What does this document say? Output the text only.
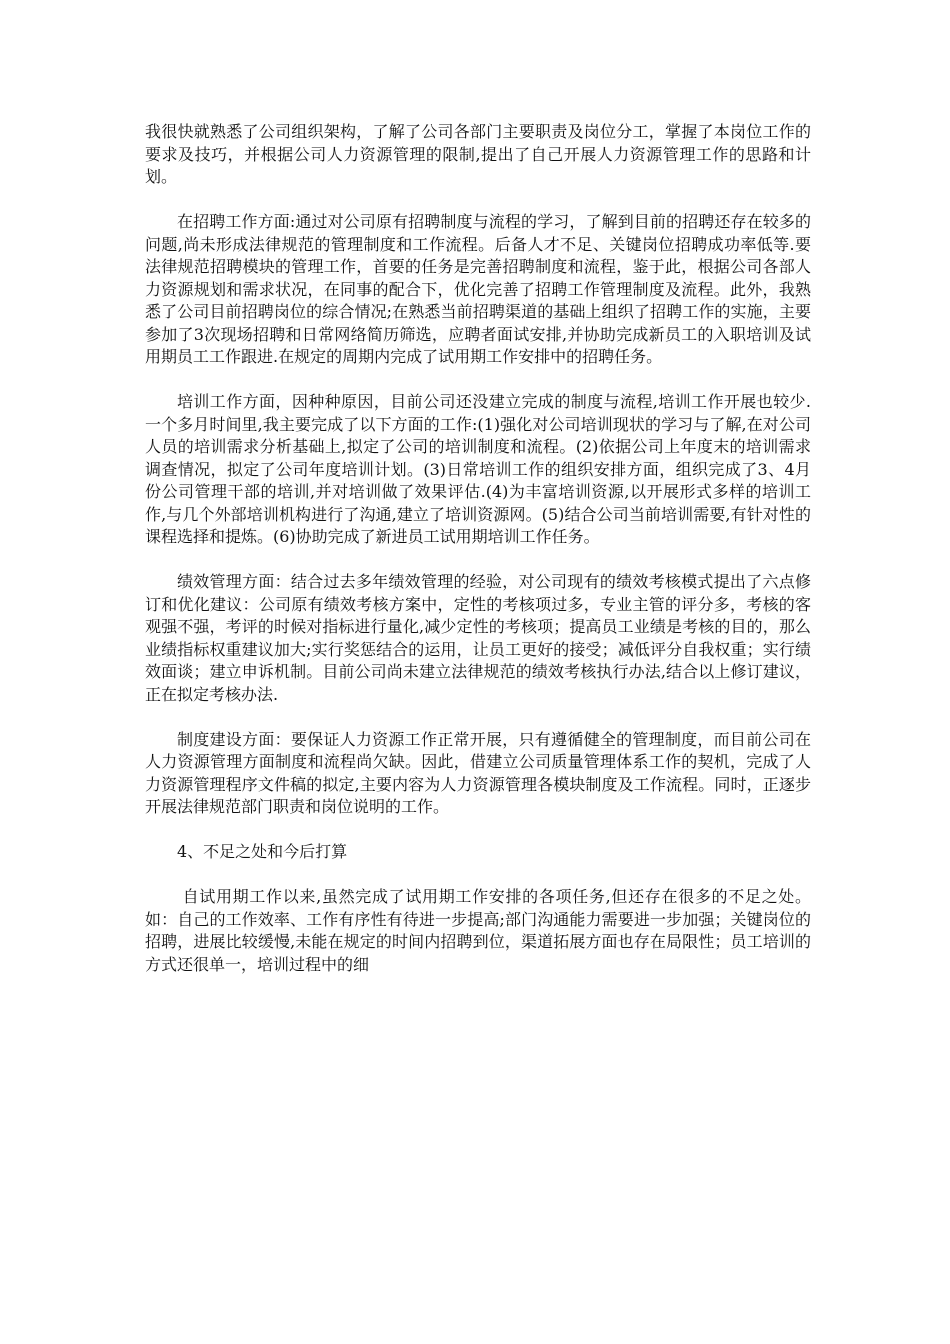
我很快就熟悉了公司组织架构，了解了公司各部门主要职责及岗位分工，掌握了本岗位工作的要求及技巧，并根据公司人力资源管理的限制,提出了自己开展人力资源管理工作的思路和计划。

在招聘工作方面:通过对公司原有招聘制度与流程的学习，了解到目前的招聘还存在较多的问题,尚未形成法律规范的管理制度和工作流程。后备人才不足、关键岗位招聘成功率低等.要法律规范招聘模块的管理工作，首要的任务是完善招聘制度和流程，鉴于此，根据公司各部人力资源规划和需求状况，在同事的配合下，优化完善了招聘工作管理制度及流程。此外，我熟悉了公司目前招聘岗位的综合情况;在熟悉当前招聘渠道的基础上组织了招聘工作的实施，主要参加了3次现场招聘和日常网络简历筛选，应聘者面试安排,并协助完成新员工的入职培训及试用期员工工作跟进.在规定的周期内完成了试用期工作安排中的招聘任务。

培训工作方面，因种种原因，目前公司还没建立完成的制度与流程,培训工作开展也较少.一个多月时间里,我主要完成了以下方面的工作:(1)强化对公司培训现状的学习与了解,在对公司人员的培训需求分析基础上,拟定了公司的培训制度和流程。(2)依据公司上年度末的培训需求调查情况，拟定了公司年度培训计划。(3)日常培训工作的组织安排方面，组织完成了3、4月份公司管理干部的培训,并对培训做了效果评估.(4)为丰富培训资源,以开展形式多样的培训工作,与几个外部培训机构进行了沟通,建立了培训资源网。(5)结合公司当前培训需要,有针对性的课程选择和提炼。(6)协助完成了新进员工试用期培训工作任务。

绩效管理方面：结合过去多年绩效管理的经验，对公司现有的绩效考核模式提出了六点修订和优化建议：公司原有绩效考核方案中，定性的考核项过多，专业主管的评分多，考核的客观强不强，考评的时候对指标进行量化,减少定性的考核项；提高员工业绩是考核的目的，那么业绩指标权重建议加大;实行奖惩结合的运用，让员工更好的接受；减低评分自我权重；实行绩效面谈；建立申诉机制。目前公司尚未建立法律规范的绩效考核执行办法,结合以上修订建议，正在拟定考核办法.

制度建设方面：要保证人力资源工作正常开展，只有遵循健全的管理制度，而目前公司在人力资源管理方面制度和流程尚欠缺。因此，借建立公司质量管理体系工作的契机，完成了人力资源管理程序文件稿的拟定,主要内容为人力资源管理各模块制度及工作流程。同时，正逐步开展法律规范部门职责和岗位说明的工作。

4、不足之处和今后打算

自试用期工作以来,虽然完成了试用期工作安排的各项任务,但还存在很多的不足之处。如：自己的工作效率、工作有序性有待进一步提高;部门沟通能力需要进一步加强；关键岗位的招聘，进展比较缓慢,未能在规定的时间内招聘到位，渠道拓展方面也存在局限性；员工培训的方式还很单一，培训过程中的细
